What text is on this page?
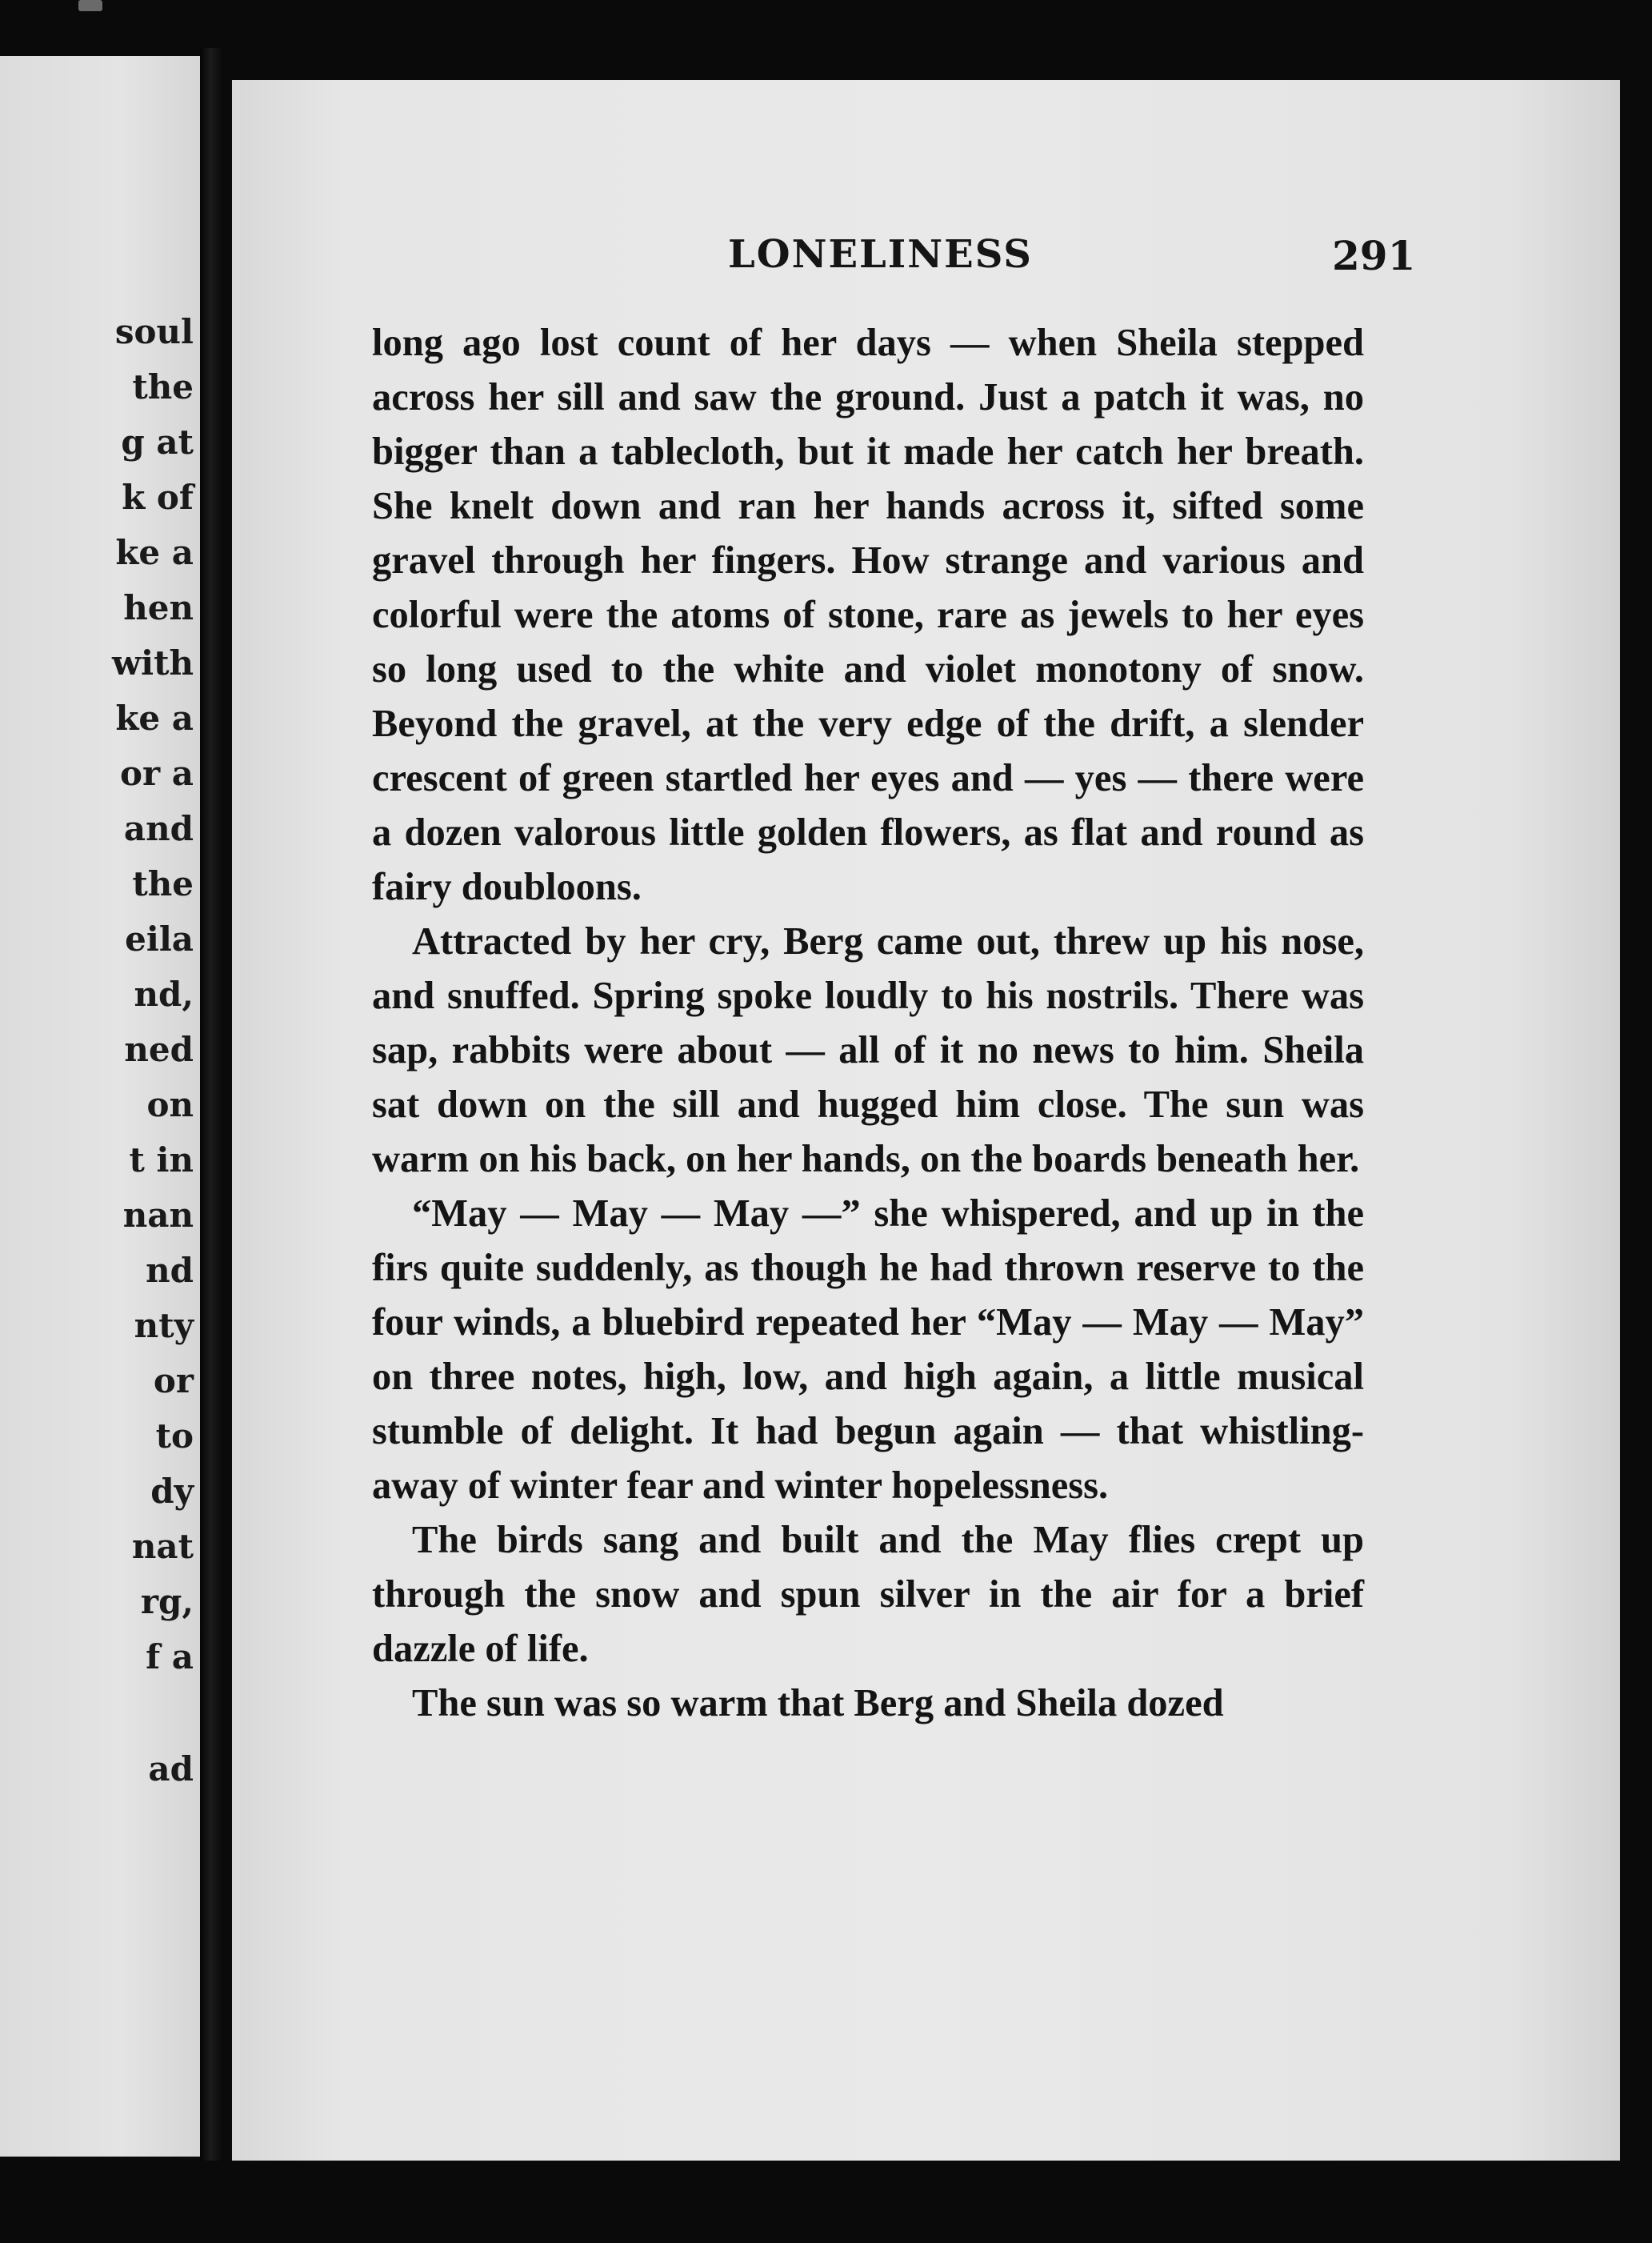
soul
the
g at
k of
ke a
hen
with
ke a
or a
and
the
eila
nd,
ned
on
t in
nan
nd
nty
or
to
dy
nat
rg,
f a
ad
LONELINESS	291

long ago lost count of her days — when Sheila stepped across her sill and saw the ground. Just a patch it was, no bigger than a tablecloth, but it made her catch her breath. She knelt down and ran her hands across it, sifted some gravel through her fingers. How strange and various and colorful were the atoms of stone, rare as jewels to her eyes so long used to the white and violet monotony of snow. Beyond the gravel, at the very edge of the drift, a slender crescent of green startled her eyes and — yes — there were a dozen valorous little golden flowers, as flat and round as fairy doubloons.

Attracted by her cry, Berg came out, threw up his nose, and snuffed. Spring spoke loudly to his nostrils. There was sap, rabbits were about — all of it no news to him. Sheila sat down on the sill and hugged him close. The sun was warm on his back, on her hands, on the boards beneath her.

“May — May — May —” she whispered, and up in the firs quite suddenly, as though he had thrown reserve to the four winds, a bluebird repeated her “May — May — May” on three notes, high, low, and high again, a little musical stumble of delight. It had begun again — that whistling-away of winter fear and winter hopelessness.

The birds sang and built and the May flies crept up through the snow and spun silver in the air for a brief dazzle of life.

The sun was so warm that Berg and Sheila dozed
